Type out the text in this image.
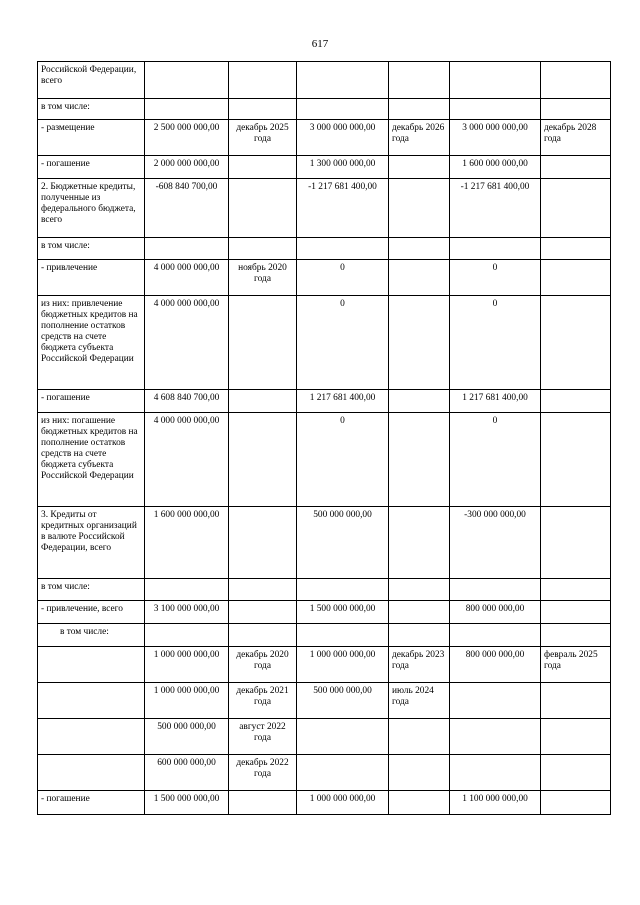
617
Российской Федерации, всего						
в том числе:						
- размещение	2 500 000 000,00	декабрь 2025 года	3 000 000 000,00	декабрь 2026 года	3 000 000 000,00	декабрь 2028 года
- погашение	2 000 000 000,00		1 300 000 000,00		1 600 000 000,00	
2. Бюджетные кредиты, полученные из федерального бюджета, всего	-608 840 700,00		-1 217 681 400,00		-1 217 681 400,00	
в том числе:						
- привлечение	4 000 000 000,00	ноябрь 2020 года	0		0	
из них: привлечение бюджетных кредитов на пополнение остатков средств на счете бюджета субъекта Российской Федерации	4 000 000 000,00		0		0	
- погашение	4 608 840 700,00		1 217 681 400,00		1 217 681 400,00	
из них: погашение бюджетных кредитов на пополнение остатков средств на счете бюджета субъекта Российской Федерации	4 000 000 000,00		0		0	
3. Кредиты от кредитных организаций в валюте Российской Федерации, всего	1 600 000 000,00		500 000 000,00		-300 000 000,00	
в том числе:						
- привлечение, всего	3 100 000 000,00		1 500 000 000,00		800 000 000,00	
в том числе:						
	1 000 000 000,00	декабрь 2020 года	1 000 000 000,00	декабрь 2023 года	800 000 000,00	февраль 2025 года
	1 000 000 000,00	декабрь 2021 года	500 000 000,00	июль 2024 года		
	500 000 000,00	август 2022 года				
	600 000 000,00	декабрь 2022 года				
- погашение	1 500 000 000,00		1 000 000 000,00		1 100 000 000,00	
